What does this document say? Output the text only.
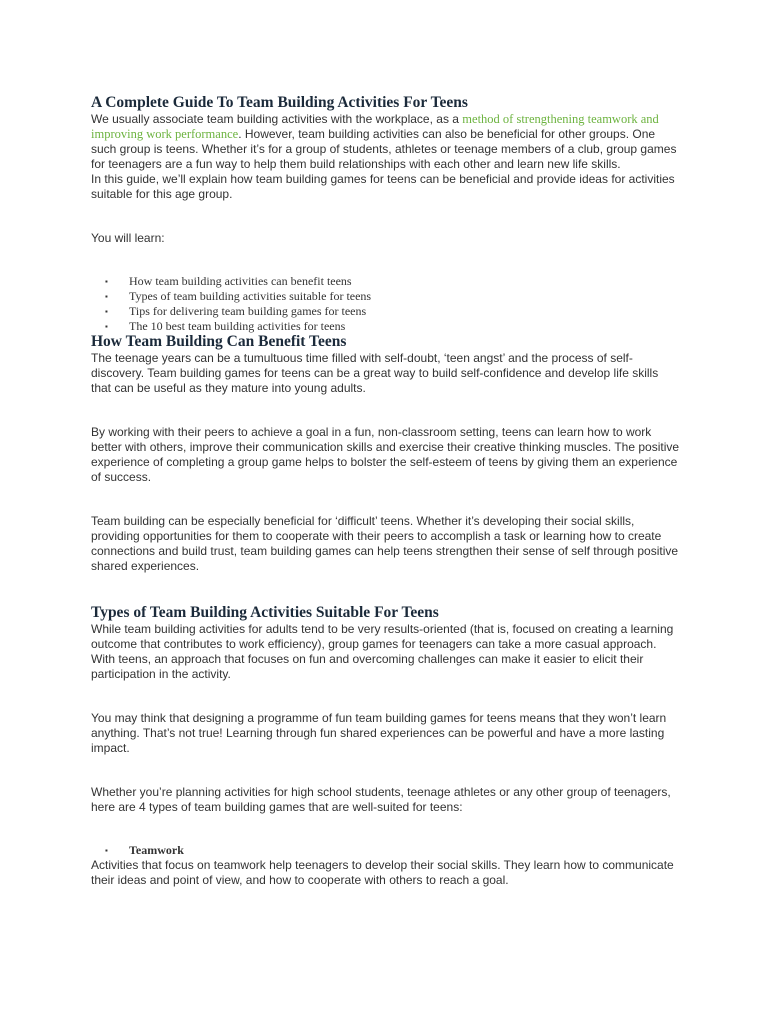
A Complete Guide To Team Building Activities For Teens

We usually associate team building activities with the workplace, as a method of strengthening teamwork and improving work performance. However, team building activities can also be beneficial for other groups. One such group is teens. Whether it’s for a group of students, athletes or teenage members of a club, group games for teenagers are a fun way to help them build relationships with each other and learn new life skills.

In this guide, we’ll explain how team building games for teens can be beneficial and provide ideas for activities suitable for this age group.

You will learn:

▪ How team building activities can benefit teens
▪ Types of team building activities suitable for teens
▪ Tips for delivering team building games for teens
▪ The 10 best team building activities for teens
How Team Building Can Benefit Teens

The teenage years can be a tumultuous time filled with self-doubt, ‘teen angst’ and the process of self-discovery. Team building games for teens can be a great way to build self-confidence and develop life skills that can be useful as they mature into young adults.

By working with their peers to achieve a goal in a fun, non-classroom setting, teens can learn how to work better with others, improve their communication skills and exercise their creative thinking muscles. The positive experience of completing a group game helps to bolster the self-esteem of teens by giving them an experience of success.

Team building can be especially beneficial for ‘difficult’ teens. Whether it’s developing their social skills, providing opportunities for them to cooperate with their peers to accomplish a task or learning how to create connections and build trust, team building games can help teens strengthen their sense of self through positive shared experiences.

Types of Team Building Activities Suitable For Teens

While team building activities for adults tend to be very results-oriented (that is, focused on creating a learning outcome that contributes to work efficiency), group games for teenagers can take a more casual approach. With teens, an approach that focuses on fun and overcoming challenges can make it easier to elicit their participation in the activity.

You may think that designing a programme of fun team building games for teens means that they won’t learn anything. That’s not true! Learning through fun shared experiences can be powerful and have a more lasting impact.

Whether you’re planning activities for high school students, teenage athletes or any other group of teenagers, here are 4 types of team building games that are well-suited for teens:

▪ Teamwork

Activities that focus on teamwork help teenagers to develop their social skills. They learn how to communicate their ideas and point of view, and how to cooperate with others to reach a goal.
